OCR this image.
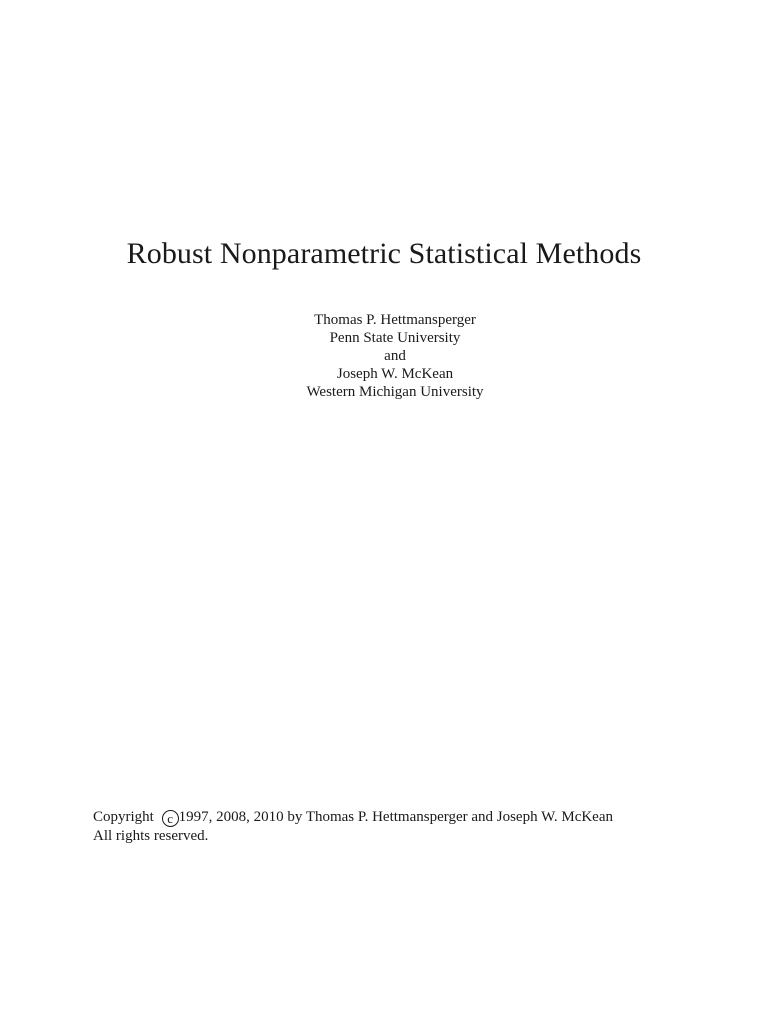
Robust Nonparametric Statistical Methods
Thomas P. Hettmansperger
Penn State University
and
Joseph W. McKean
Western Michigan University
Copyright c 1997, 2008, 2010 by Thomas P. Hettmansperger and Joseph W. McKean
All rights reserved.
